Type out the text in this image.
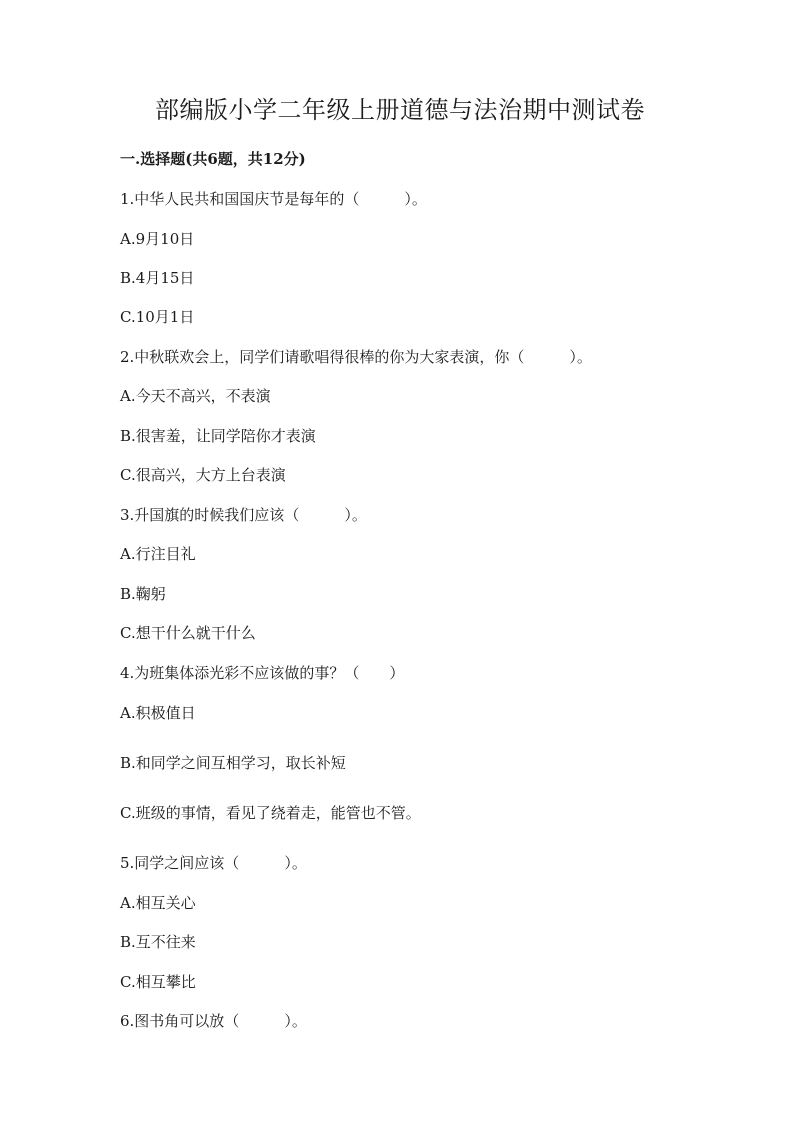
部编版小学二年级上册道德与法治期中测试卷
一.选择题(共6题，共12分)
1.中华人民共和国国庆节是每年的（　　　）。
A.9月10日
B.4月15日
C.10月1日
2.中秋联欢会上，同学们请歌唱得很棒的你为大家表演，你（　　　）。
A.今天不高兴，不表演
B.很害羞，让同学陪你才表演
C.很高兴，大方上台表演
3.升国旗的时候我们应该（　　　）。
A.行注目礼
B.鞠躬
C.想干什么就干什么
4.为班集体添光彩不应该做的事？（　　）
A.积极值日
B.和同学之间互相学习，取长补短
C.班级的事情，看见了绕着走，能管也不管。
5.同学之间应该（　　　）。
A.相互关心
B.互不往来
C.相互攀比
6.图书角可以放（　　　）。
